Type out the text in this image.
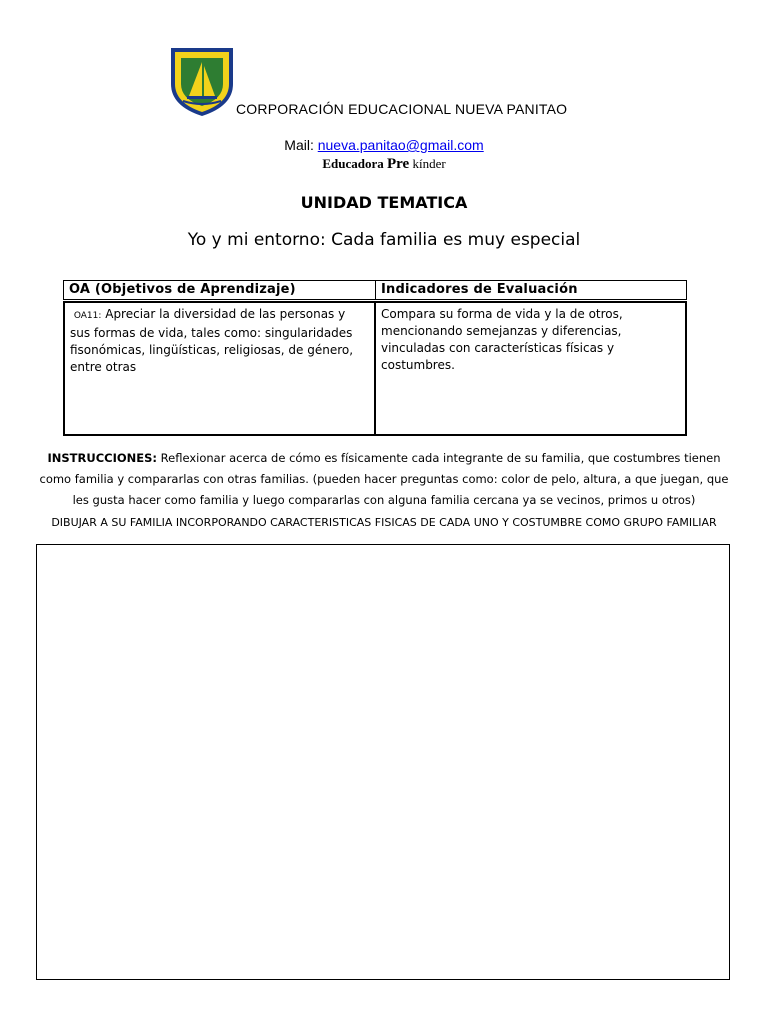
CORPORACIÓN EDUCACIONAL NUEVA PANITAO
Mail: nueva.panitao@gmail.com
Educadora Pre kínder
UNIDAD TEMATICA
Yo y mi entorno: Cada familia es muy especial
OA (Objetivos de Aprendizaje)	Indicadores de Evaluación
OA11: Apreciar la diversidad de las personas y sus formas de vida, tales como: singularidades fisonómicas, lingüísticas, religiosas, de género, entre otras
Compara su forma de vida y la de otros, mencionando semejanzas y diferencias, vinculadas con características físicas y costumbres.
INSTRUCCIONES: Reflexionar acerca de cómo es físicamente cada integrante de su familia, que costumbres tienen como familia y compararlas con otras familias. (pueden hacer preguntas como: color de pelo, altura, a que juegan, que les gusta hacer como familia y luego compararlas con alguna familia cercana ya se vecinos, primos u otros)
DIBUJAR A SU FAMILIA INCORPORANDO CARACTERISTICAS FISICAS DE CADA UNO Y COSTUMBRE COMO GRUPO FAMILIAR
